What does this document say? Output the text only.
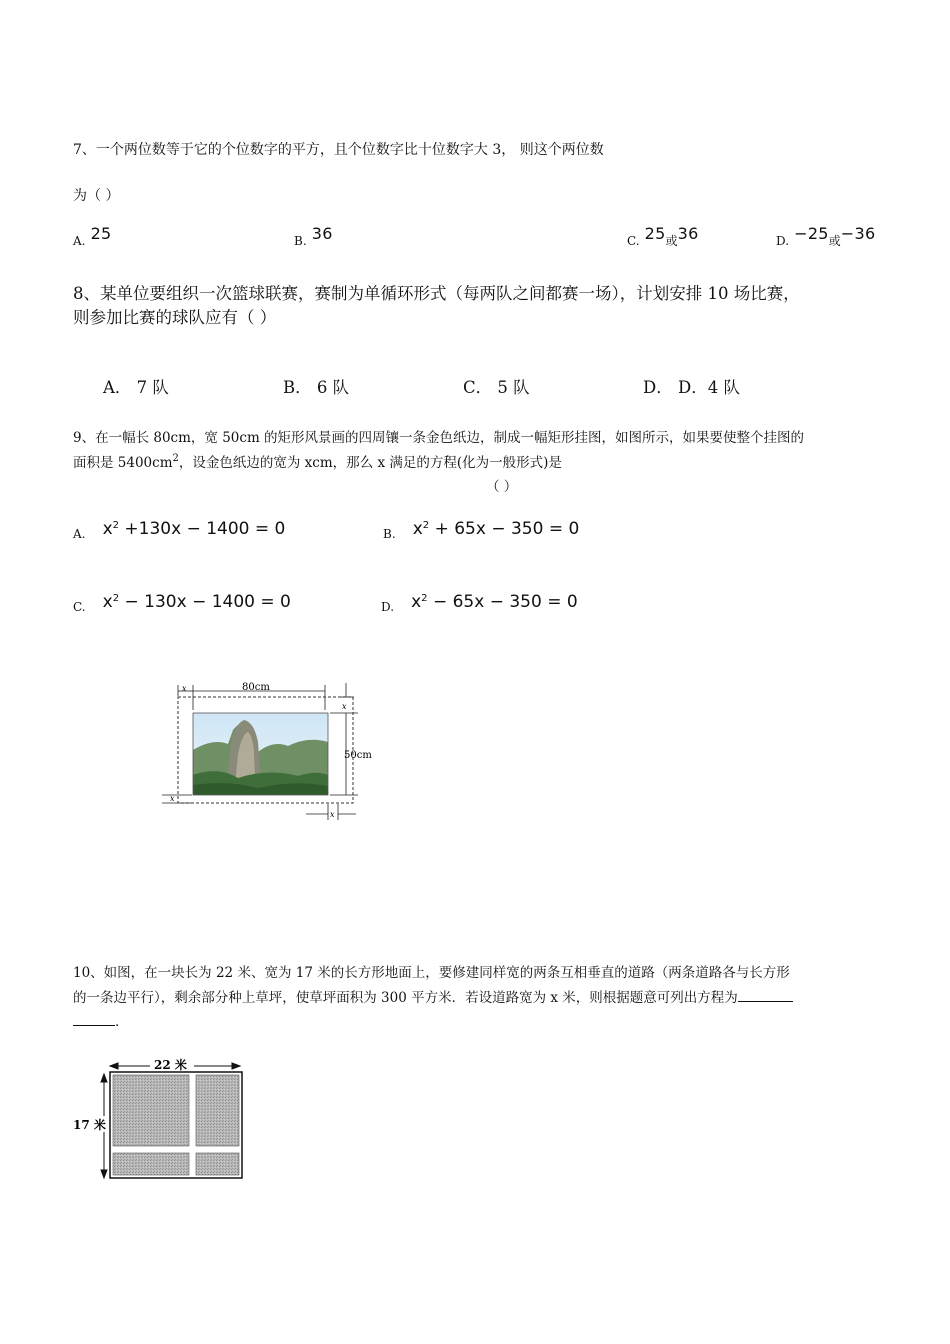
7、一个两位数等于它的个位数字的平方，且个位数字比十位数字大 3， 则这个两位数
为（ ）
A. 25	B. 36	C. 25或36	D. −25或−36
8、某单位要组织一次篮球联赛，赛制为单循环形式（每两队之间都赛一场），计划安排 10 场比赛，
则参加比赛的球队应有（ ）
A． 7 队	B． 6 队	C． 5 队	D． D．4 队
9、在一幅长 80cm，宽 50cm 的矩形风景画的四周镶一条金色纸边，制成一幅矩形挂图，如图所示，如果要使整个挂图的
面积是 $5400cm^2$，设金色纸边的宽为 xcm，那么 x 满足的方程(化为一般形式)是
（ ）
A. $x^2 +130x - 1400 = 0$	B. $x^2 + 65x - 350 = 0$
C. $x^2 - 130x - 1400 = 0$	D. $x^2 - 65x - 350 = 0$
x	80cm
x
50cm
x
x
10、如图，在一块长为 22 米、宽为 17 米的长方形地面上，要修建同样宽的两条互相垂直的道路（两条道路各与长方形
的一条边平行），剩余部分种上草坪，使草坪面积为 300 平方米．若设道路宽为 x 米，则根据题意可列出方程为
．
22 米
17 米
